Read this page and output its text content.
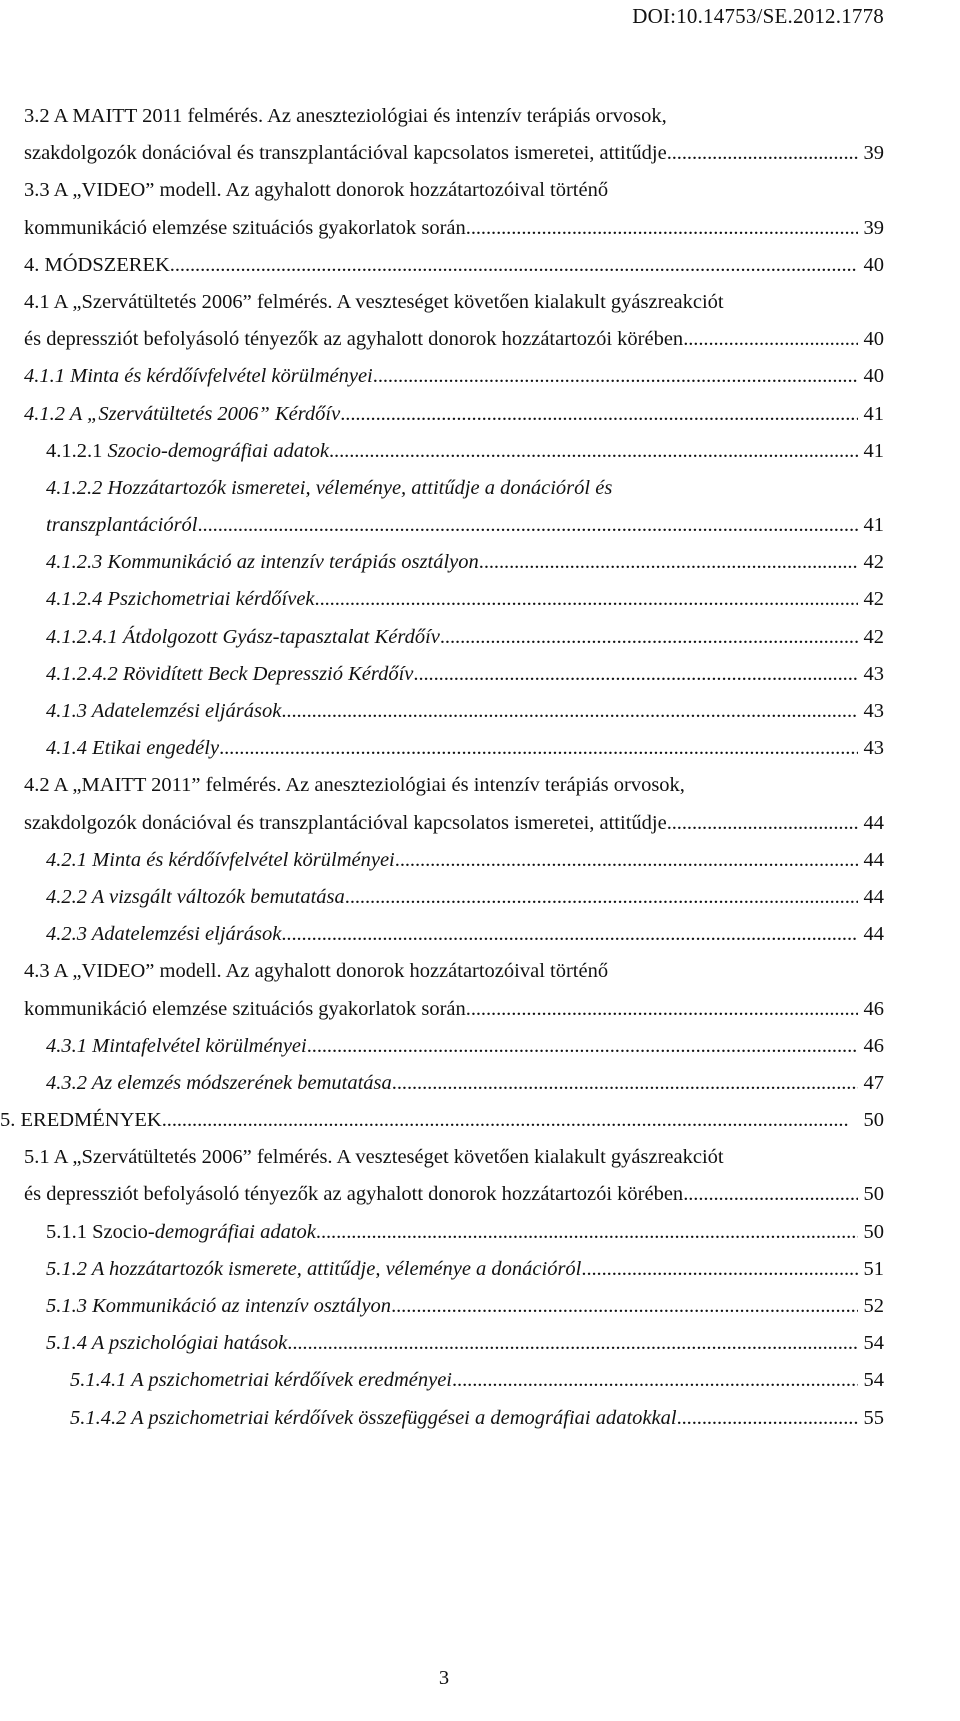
DOI:10.14753/SE.2012.1778
3.2 A MAITT 2011 felmérés. Az aneszteziológiai és intenzív terápiás orvosok,
szakdolgozók donációval és transzplantációval kapcsolatos ismeretei, attitűdje . . .	39
3.3 A „VIDEO” modell. Az agyhalott donorok hozzátartozóival történő
kommunikáció elemzése szituációs gyakorlatok során . . .	39
4. MÓDSZEREK . . .	40
4.1 A „Szervátültetés 2006” felmérés. A veszteséget követően kialakult gyászreakciót
és depressziót befolyásoló tényezők az agyhalott donorok hozzátartozói körében . . .	40
4.1.1 Minta és kérdőívfelvétel körülményei . . .	40
4.1.2 A „Szervátültetés 2006” Kérdőív . . .	41
4.1.2.1 Szocio-demográfiai adatok . . .	41
4.1.2.2 Hozzátartozók ismeretei, véleménye, attitűdje a donációról és
transzplantációról . . .	41
4.1.2.3 Kommunikáció az intenzív terápiás osztályon . . .	42
4.1.2.4 Pszichometriai kérdőívek . . .	42
4.1.2.4.1 Átdolgozott Gyász-tapasztalat Kérdőív . . .	42
4.1.2.4.2 Rövidített Beck Depresszió Kérdőív . . .	43
4.1.3 Adatelemzési eljárások . . .	43
4.1.4 Etikai engedély . . .	43
4.2 A „MAITT 2011” felmérés. Az aneszteziológiai és intenzív terápiás orvosok,
szakdolgozók donációval és transzplantációval kapcsolatos ismeretei, attitűdje . . .	44
4.2.1 Minta és kérdőívfelvétel körülményei . . .	44
4.2.2 A vizsgált változók bemutatása . . .	44
4.2.3 Adatelemzési eljárások . . .	44
4.3 A „VIDEO” modell. Az agyhalott donorok hozzátartozóival történő
kommunikáció elemzése szituációs gyakorlatok során . . .	46
4.3.1 Mintafelvétel körülményei . . .	46
4.3.2 Az elemzés módszerének bemutatása . . .	47
5. EREDMÉNYEK . . .	50
5.1 A „Szervátültetés 2006” felmérés. A veszteséget követően kialakult gyászreakciót
és depressziót befolyásoló tényezők az agyhalott donorok hozzátartozói körében . . .	50
5.1.1 Szocio-demográfiai adatok . . .	50
5.1.2 A hozzátartozók ismerete, attitűdje, véleménye a donációról . . .	51
5.1.3 Kommunikáció az intenzív osztályon . . .	52
5.1.4 A pszichológiai hatások . . .	54
5.1.4.1 A pszichometriai kérdőívek eredményei . . .	54
5.1.4.2 A pszichometriai kérdőívek összefüggései a demográfiai adatokkal . . .	55
3
